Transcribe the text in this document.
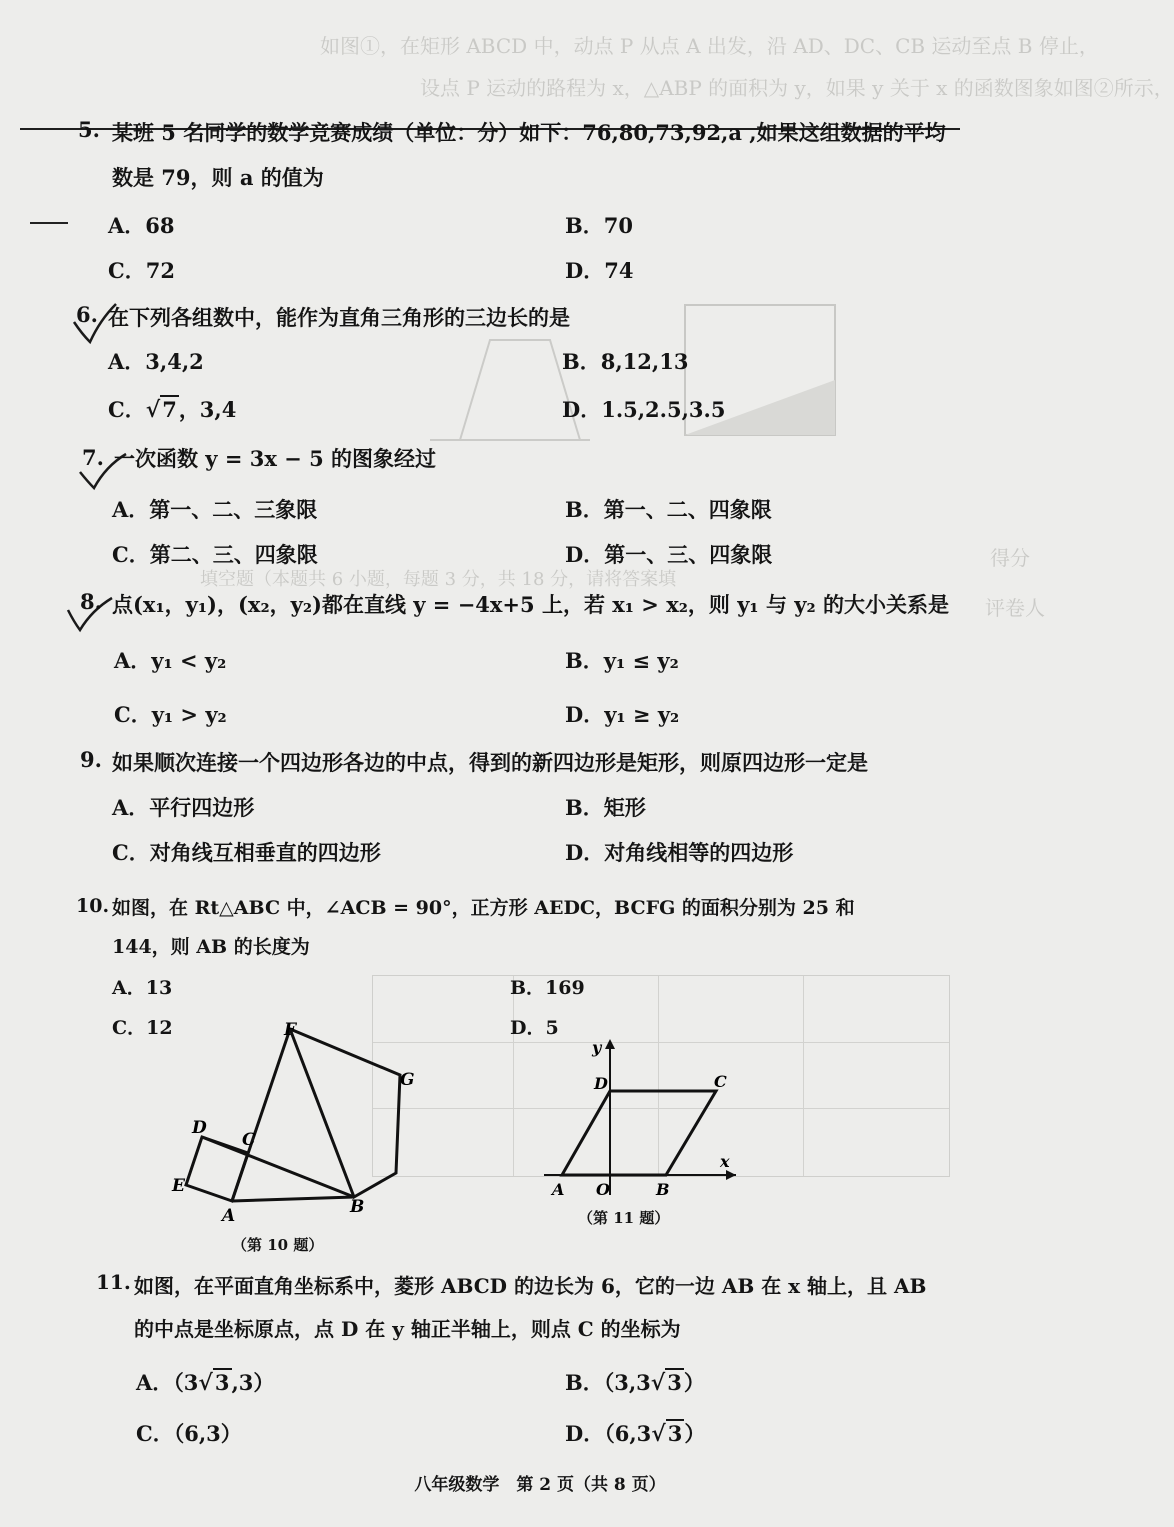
如图①，在矩形 ABCD 中，动点 P 从点 A 出发，沿 AD、DC、CB 运动至点 B 停止，
设点 P 运动的路程为 x，△ABP 的面积为 y，如果 y 关于 x 的函数图象如图②所示，
填空题（本题共 6 小题，每题 3 分，共 18 分，请将答案填
得分
评卷人
5. 某班 5 名同学的数学竞赛成绩（单位：分）如下：76,80,73,92,a ,如果这组数据的平均
数是 79，则 a 的值为
A．68	B．70
C．72	D．74
6. 在下列各组数中，能作为直角三角形的三边长的是
A．3,4,2	B．8,12,13
C．√7，3,4	D．1.5,2.5,3.5
7. 一次函数 y = 3x − 5 的图象经过
A．第一、二、三象限	B．第一、二、四象限
C．第二、三、四象限	D．第一、三、四象限
8. 点(x₁，y₁)，(x₂，y₂)都在直线 y = −4x+5 上，若 x₁ > x₂，则 y₁ 与 y₂ 的大小关系是
A．y₁ < y₂	B．y₁ ≤ y₂
C．y₁ > y₂	D．y₁ ≥ y₂
9. 如果顺次连接一个四边形各边的中点，得到的新四边形是矩形，则原四边形一定是
A．平行四边形	B．矩形
C．对角线互相垂直的四边形	D．对角线相等的四边形
10. 如图，在 Rt△ABC 中，∠ACB = 90°，正方形 AEDC，BCFG 的面积分别为 25 和
144，则 AB 的长度为
A．13	B．169
C．12	D．5
F
G
D
C
E
A	B
（第 10 题）
y
D	C
A O	B
x
（第 11 题）
11. 如图，在平面直角坐标系中，菱形 ABCD 的边长为 6，它的一边 AB 在 x 轴上，且 AB
的中点是坐标原点，点 D 在 y 轴正半轴上，则点 C 的坐标为
A．（3√3,3）	B．（3,3√3）
C．（6,3）	D．（6,3√3）
八年级数学　第 2 页（共 8 页）
